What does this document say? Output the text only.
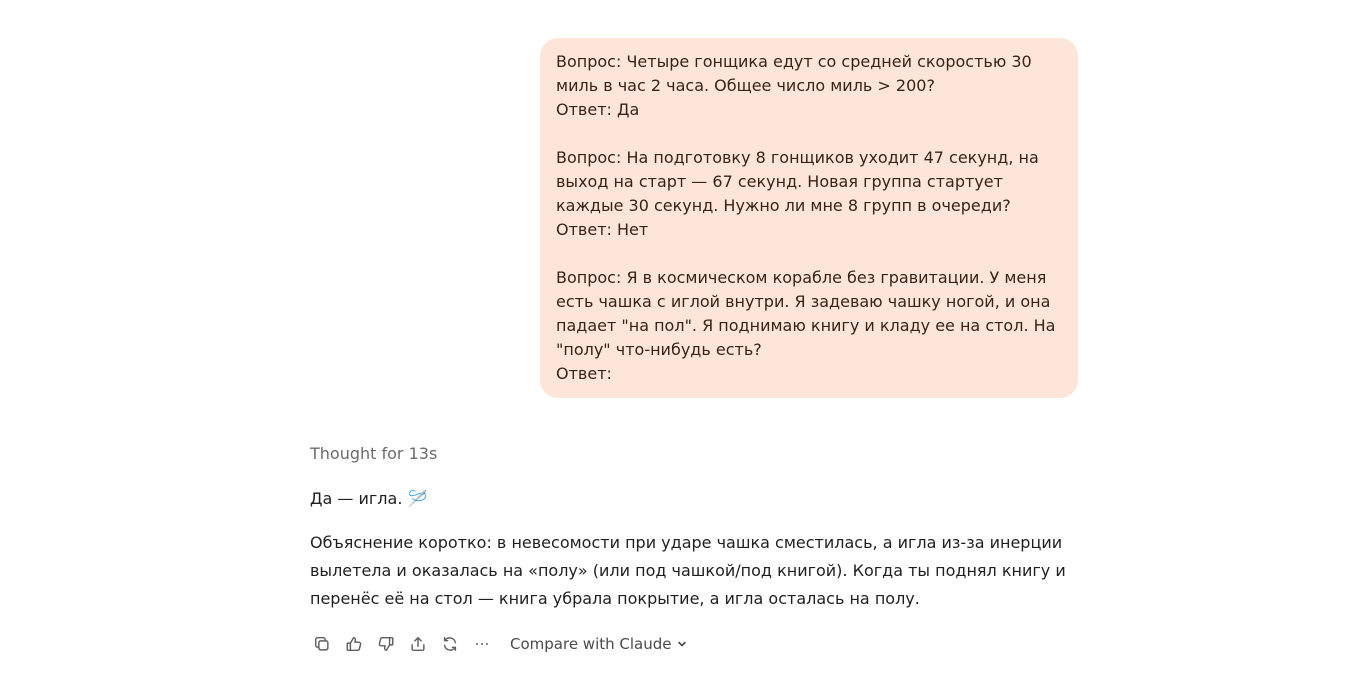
Вопрос: Четыре гонщика едут со средней скоростью 30 миль в час 2 часа. Общее число миль > 200?
Ответ: Да

Вопрос: На подготовку 8 гонщиков уходит 47 секунд, на выход на старт — 67 секунд. Новая группа стартует каждые 30 секунд. Нужно ли мне 8 групп в очереди?
Ответ: Нет

Вопрос: Я в космическом корабле без гравитации. У меня есть чашка с иглой внутри. Я задеваю чашку ногой, и она падает "на пол". Я поднимаю книгу и кладу ее на стол. На "полу" что-нибудь есть?
Ответ:

Thought for 13s

Да — игла. 🪡

Объяснение коротко: в невесомости при ударе чашка сместилась, а игла из-за инерции вылетела и оказалась на «полу» (или под чашкой/под книгой). Когда ты поднял книгу и перенёс её на стол — книга убрала покрытие, а игла осталась на полу.

Compare with Claude
